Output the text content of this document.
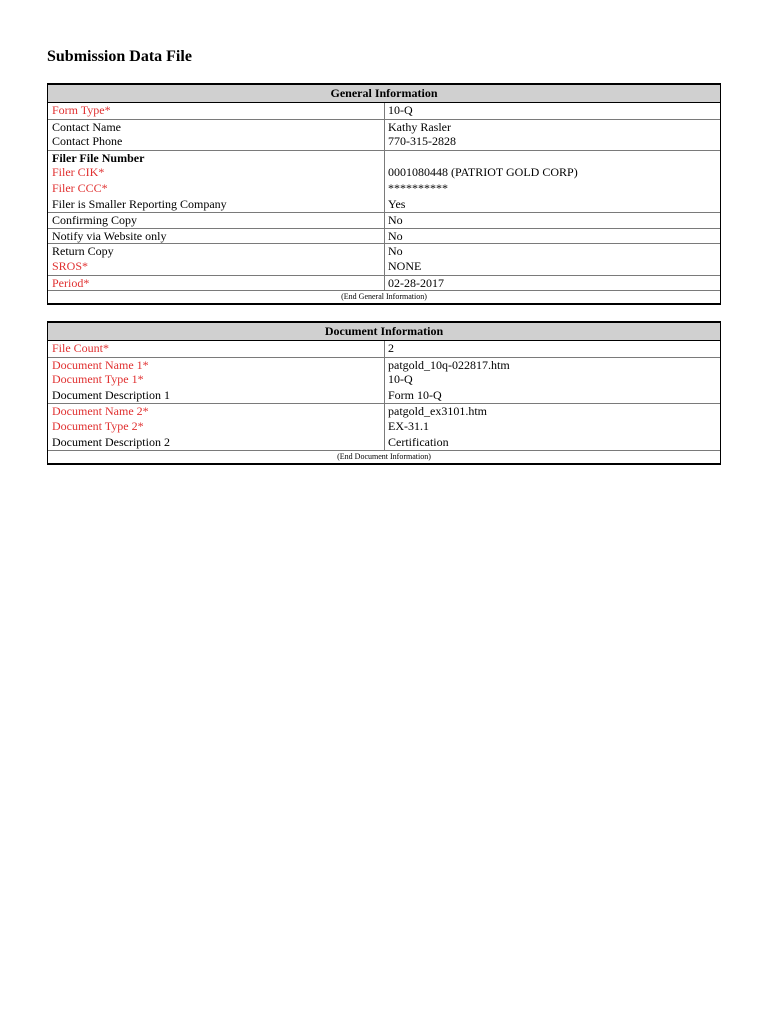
Submission Data File
General Information
Form Type*	10-Q
Contact Name	Kathy Rasler
Contact Phone	770-315-2828
Filer File Number
Filer CIK*	0001080448 (PATRIOT GOLD CORP)
Filer CCC*	**********
Filer is Smaller Reporting Company	Yes
Confirming Copy	No
Notify via Website only	No
Return Copy	No
SROS*	NONE
Period*	02-28-2017
(End General Information)
Document Information
File Count*	2
Document Name 1*	patgold_10q-022817.htm
Document Type 1*	10-Q
Document Description 1	Form 10-Q
Document Name 2*	patgold_ex3101.htm
Document Type 2*	EX-31.1
Document Description 2	Certification
(End Document Information)
